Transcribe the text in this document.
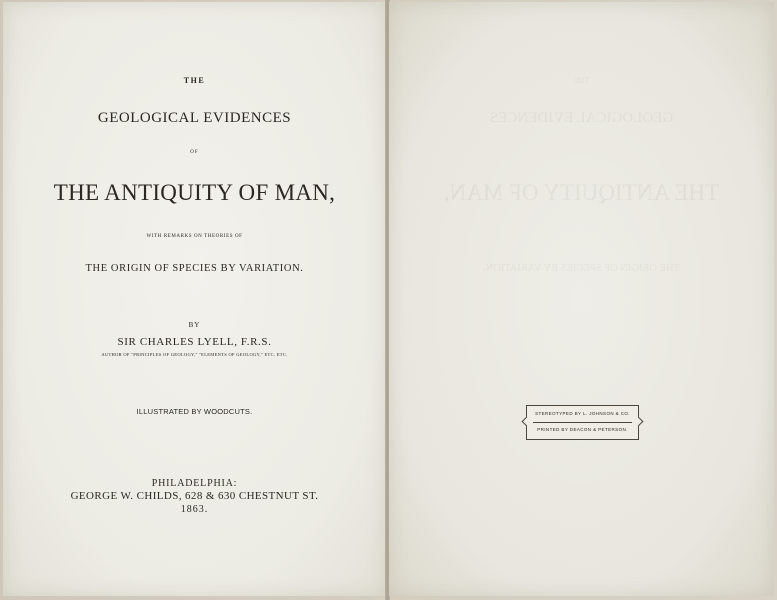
THE
GEOLOGICAL EVIDENCES
OF
THE ANTIQUITY OF MAN,
WITH REMARKS ON THEORIES OF
THE ORIGIN OF SPECIES BY VARIATION.
BY
SIR CHARLES LYELL, F.R.S.
AUTHOR OF "PRINCIPLES OF GEOLOGY," "ELEMENTS OF GEOLOGY," ETC. ETC.
ILLUSTRATED BY WOODCUTS.
PHILADELPHIA:
GEORGE W. CHILDS, 628 & 630 CHESTNUT ST.
1863.
THE
GEOLOGICAL EVIDENCES
THE ANTIQUITY OF MAN,
THE ORIGIN OF SPECIES BY VARIATION.
STEREOTYPED BY L. JOHNSON & CO.
PRINTED BY DEACON & PETERSON.
